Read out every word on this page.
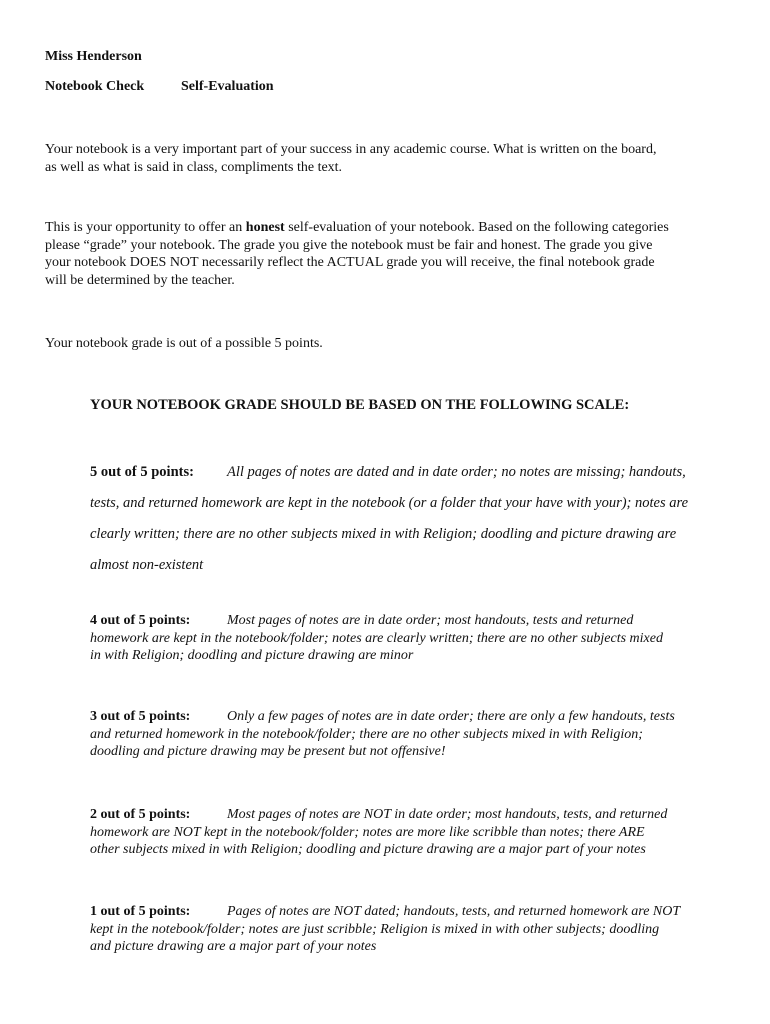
Miss Henderson

Notebook Check	Self-Evaluation

Your notebook is a very important part of your success in any academic course. What is written on the board,
as well as what is said in class, compliments the text.
This is your opportunity to offer an honest self-evaluation of your notebook. Based on the following categories
please “grade” your notebook. The grade you give the notebook must be fair and honest. The grade you give
your notebook DOES NOT necessarily reflect the ACTUAL grade you will receive, the final notebook grade
will be determined by the teacher.

Your notebook grade is out of a possible 5 points.

YOUR NOTEBOOK GRADE SHOULD BE BASED ON THE FOLLOWING SCALE:

5 out of 5 points: All pages of notes are dated and in date order; no notes are missing; handouts,
tests, and returned homework are kept in the notebook (or a folder that your have with your); notes are
clearly written; there are no other subjects mixed in with Religion; doodling and picture drawing are
almost non-existent
4 out of 5 points:	Most pages of notes are in date order; most handouts, tests and returned
homework are kept in the notebook/folder; notes are clearly written; there are no other subjects mixed
in with Religion; doodling and picture drawing are minor
3 out of 5 points:	Only a few pages of notes are in date order; there are only a few handouts, tests
and returned homework in the notebook/folder; there are no other subjects mixed in with Religion;
doodling and picture drawing may be present but not offensive!
2 out of 5 points:	Most pages of notes are NOT in date order; most handouts, tests, and returned
homework are NOT kept in the notebook/folder; notes are more like scribble than notes; there ARE
other subjects mixed in with Religion; doodling and picture drawing are a major part of your notes
1 out of 5 points:	Pages of notes are NOT dated; handouts, tests, and returned homework are NOT
kept in the notebook/folder; notes are just scribble; Religion is mixed in with other subjects; doodling
and picture drawing are a major part of your notes
